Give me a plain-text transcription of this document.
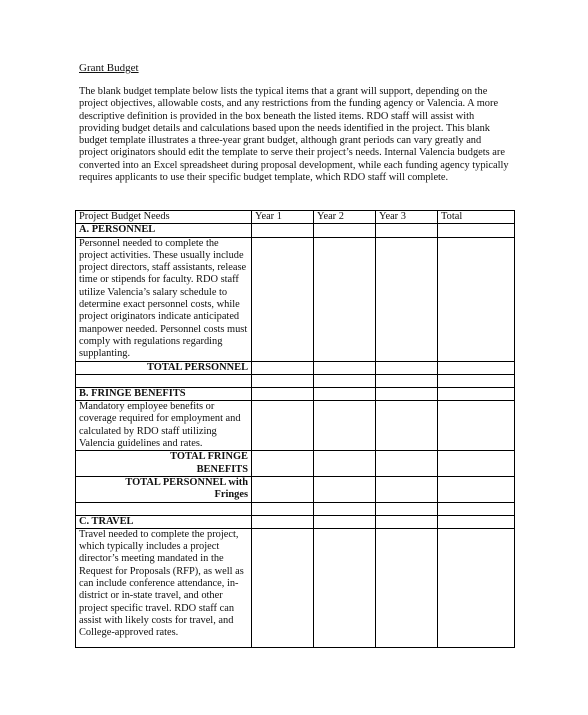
Grant Budget
The blank budget template below lists the typical items that a grant will support, depending on the project objectives, allowable costs, and any restrictions from the funding agency or Valencia. A more descriptive definition is provided in the box beneath the listed items. RDO staff will assist with providing budget details and calculations based upon the needs identified in the project. This blank budget template illustrates a three-year grant budget, although grant periods can vary greatly and project originators should edit the template to serve their project’s needs. Internal Valencia budgets are converted into an Excel spreadsheet during proposal development, while each funding agency typically requires applicants to use their specific budget template, which RDO staff will complete.
Project Budget Needs	Year 1	Year 2	Year 3	Total
A. PERSONNEL				
Personnel needed to complete the project activities. These usually include project directors, staff assistants, release time or stipends for faculty. RDO staff utilize Valencia’s salary schedule to determine exact personnel costs, while project originators indicate anticipated manpower needed. Personnel costs must comply with regulations regarding supplanting.				
TOTAL PERSONNEL				

B. FRINGE BENEFITS				
Mandatory employee benefits or coverage required for employment and calculated by RDO staff utilizing Valencia guidelines and rates.				
TOTAL FRINGE BENEFITS				
TOTAL PERSONNEL with Fringes				

C. TRAVEL				
Travel needed to complete the project, which typically includes a project director’s meeting mandated in the Request for Proposals (RFP), as well as can include conference attendance, in-district or in-state travel, and other project specific travel. RDO staff can assist with likely costs for travel, and College-approved rates.				
